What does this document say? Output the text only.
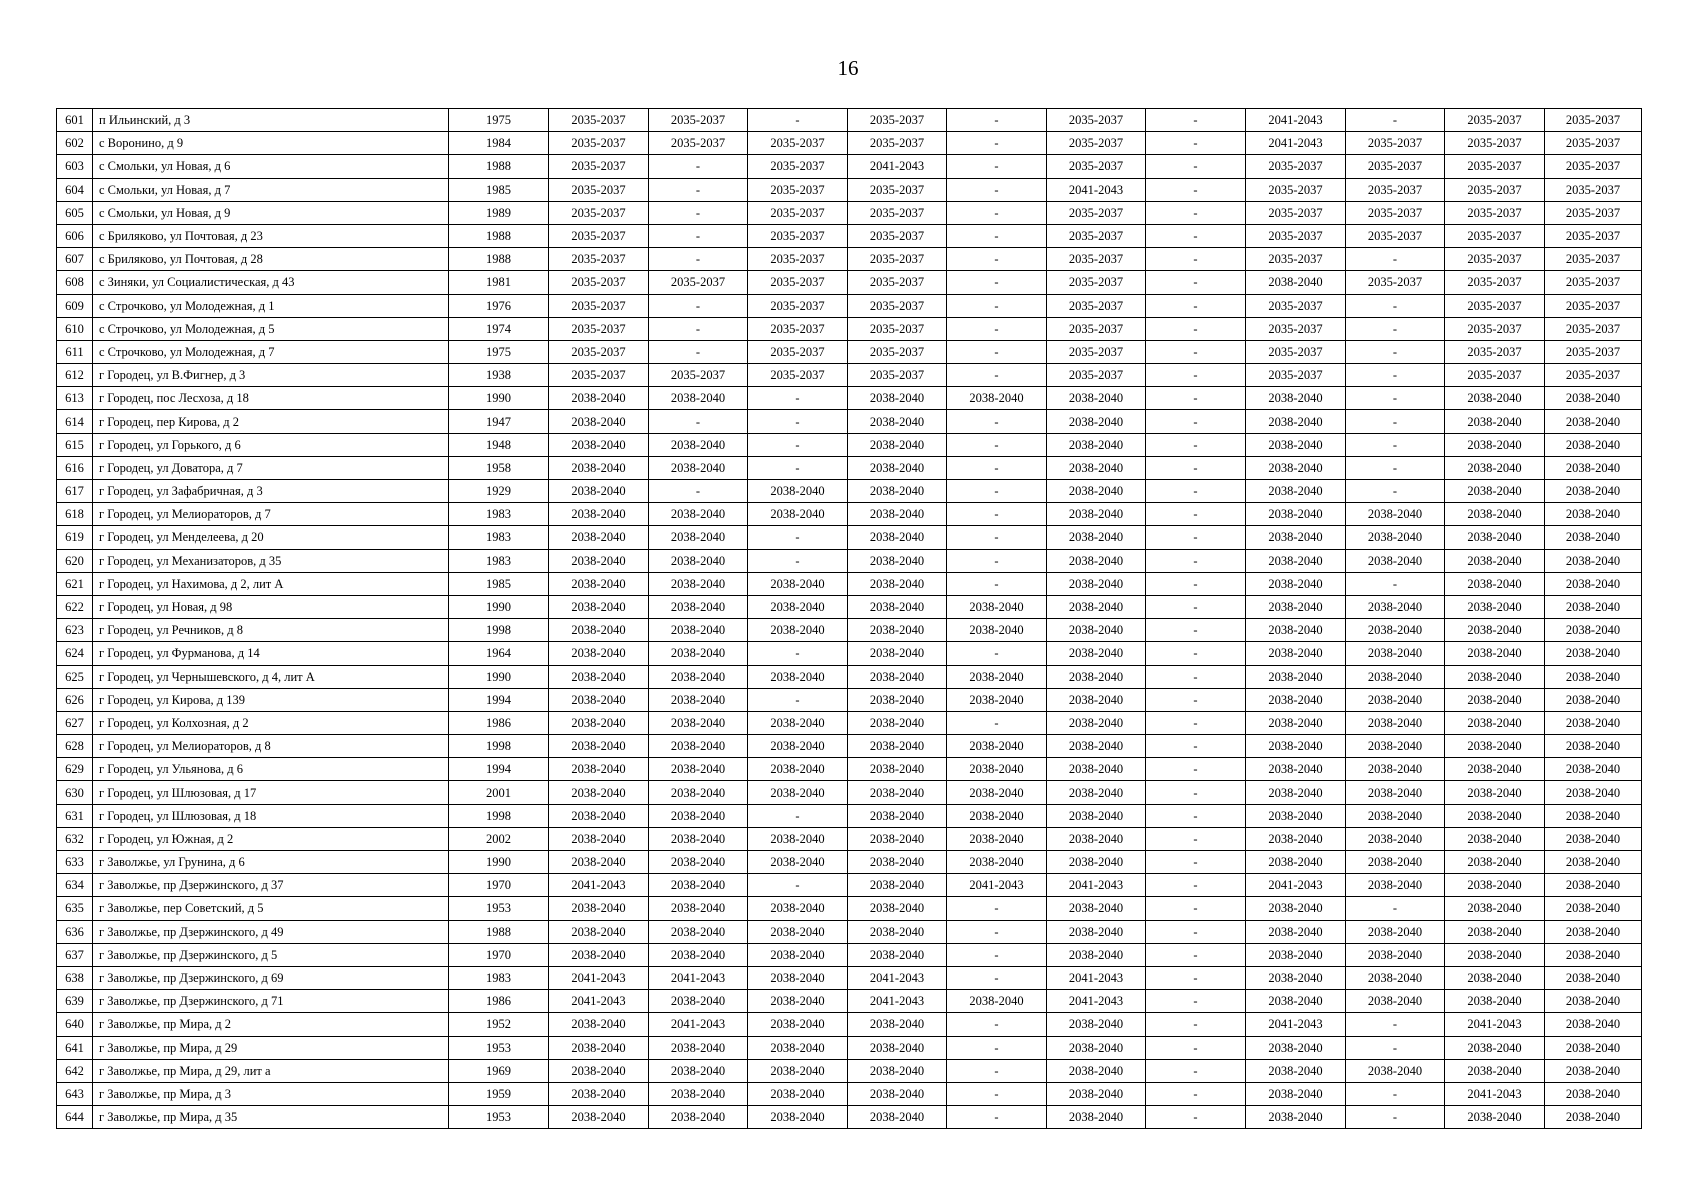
16
601	п Ильинский, д 3	1975	2035-2037	2035-2037	-	2035-2037	-	2035-2037	-	2041-2043	-	2035-2037	2035-2037
602	с Воронино, д 9	1984	2035-2037	2035-2037	2035-2037	2035-2037	-	2035-2037	-	2041-2043	2035-2037	2035-2037	2035-2037
603	с Смольки, ул Новая, д 6	1988	2035-2037	-	2035-2037	2041-2043	-	2035-2037	-	2035-2037	2035-2037	2035-2037	2035-2037
604	с Смольки, ул Новая, д 7	1985	2035-2037	-	2035-2037	2035-2037	-	2041-2043	-	2035-2037	2035-2037	2035-2037	2035-2037
605	с Смольки, ул Новая, д 9	1989	2035-2037	-	2035-2037	2035-2037	-	2035-2037	-	2035-2037	2035-2037	2035-2037	2035-2037
606	с Бриляково, ул Почтовая, д 23	1988	2035-2037	-	2035-2037	2035-2037	-	2035-2037	-	2035-2037	2035-2037	2035-2037	2035-2037
607	с Бриляково, ул Почтовая, д 28	1988	2035-2037	-	2035-2037	2035-2037	-	2035-2037	-	2035-2037	-	2035-2037	2035-2037
608	с Зиняки, ул Социалистическая, д 43	1981	2035-2037	2035-2037	2035-2037	2035-2037	-	2035-2037	-	2038-2040	2035-2037	2035-2037	2035-2037
609	с Строчково, ул Молодежная, д 1	1976	2035-2037	-	2035-2037	2035-2037	-	2035-2037	-	2035-2037	-	2035-2037	2035-2037
610	с Строчково, ул Молодежная, д 5	1974	2035-2037	-	2035-2037	2035-2037	-	2035-2037	-	2035-2037	-	2035-2037	2035-2037
611	с Строчково, ул Молодежная, д 7	1975	2035-2037	-	2035-2037	2035-2037	-	2035-2037	-	2035-2037	-	2035-2037	2035-2037
612	г Городец, ул В.Фигнер, д 3	1938	2035-2037	2035-2037	2035-2037	2035-2037	-	2035-2037	-	2035-2037	-	2035-2037	2035-2037
613	г Городец, пос Лесхоза, д 18	1990	2038-2040	2038-2040	-	2038-2040	2038-2040	2038-2040	-	2038-2040	-	2038-2040	2038-2040
614	г Городец, пер Кирова, д 2	1947	2038-2040	-	-	2038-2040	-	2038-2040	-	2038-2040	-	2038-2040	2038-2040
615	г Городец, ул Горького, д 6	1948	2038-2040	2038-2040	-	2038-2040	-	2038-2040	-	2038-2040	-	2038-2040	2038-2040
616	г Городец, ул Доватора, д 7	1958	2038-2040	2038-2040	-	2038-2040	-	2038-2040	-	2038-2040	-	2038-2040	2038-2040
617	г Городец, ул Зафабричная, д 3	1929	2038-2040	-	2038-2040	2038-2040	-	2038-2040	-	2038-2040	-	2038-2040	2038-2040
618	г Городец, ул Мелиораторов, д 7	1983	2038-2040	2038-2040	2038-2040	2038-2040	-	2038-2040	-	2038-2040	2038-2040	2038-2040	2038-2040
619	г Городец, ул Менделеева, д 20	1983	2038-2040	2038-2040	-	2038-2040	-	2038-2040	-	2038-2040	2038-2040	2038-2040	2038-2040
620	г Городец, ул Механизаторов, д 35	1983	2038-2040	2038-2040	-	2038-2040	-	2038-2040	-	2038-2040	2038-2040	2038-2040	2038-2040
621	г Городец, ул Нахимова, д 2, лит А	1985	2038-2040	2038-2040	2038-2040	2038-2040	-	2038-2040	-	2038-2040	-	2038-2040	2038-2040
622	г Городец, ул Новая, д 98	1990	2038-2040	2038-2040	2038-2040	2038-2040	2038-2040	2038-2040	-	2038-2040	2038-2040	2038-2040	2038-2040
623	г Городец, ул Речников, д 8	1998	2038-2040	2038-2040	2038-2040	2038-2040	2038-2040	2038-2040	-	2038-2040	2038-2040	2038-2040	2038-2040
624	г Городец, ул Фурманова, д 14	1964	2038-2040	2038-2040	-	2038-2040	-	2038-2040	-	2038-2040	2038-2040	2038-2040	2038-2040
625	г Городец, ул Чернышевского, д 4, лит А	1990	2038-2040	2038-2040	2038-2040	2038-2040	2038-2040	2038-2040	-	2038-2040	2038-2040	2038-2040	2038-2040
626	г Городец, ул Кирова, д 139	1994	2038-2040	2038-2040	-	2038-2040	2038-2040	2038-2040	-	2038-2040	2038-2040	2038-2040	2038-2040
627	г Городец, ул Колхозная, д 2	1986	2038-2040	2038-2040	2038-2040	2038-2040	-	2038-2040	-	2038-2040	2038-2040	2038-2040	2038-2040
628	г Городец, ул Мелиораторов, д 8	1998	2038-2040	2038-2040	2038-2040	2038-2040	2038-2040	2038-2040	-	2038-2040	2038-2040	2038-2040	2038-2040
629	г Городец, ул Ульянова, д 6	1994	2038-2040	2038-2040	2038-2040	2038-2040	2038-2040	2038-2040	-	2038-2040	2038-2040	2038-2040	2038-2040
630	г Городец, ул Шлюзовая, д 17	2001	2038-2040	2038-2040	2038-2040	2038-2040	2038-2040	2038-2040	-	2038-2040	2038-2040	2038-2040	2038-2040
631	г Городец, ул Шлюзовая, д 18	1998	2038-2040	2038-2040	-	2038-2040	2038-2040	2038-2040	-	2038-2040	2038-2040	2038-2040	2038-2040
632	г Городец, ул Южная, д 2	2002	2038-2040	2038-2040	2038-2040	2038-2040	2038-2040	2038-2040	-	2038-2040	2038-2040	2038-2040	2038-2040
633	г Заволжье, ул Грунина, д 6	1990	2038-2040	2038-2040	2038-2040	2038-2040	2038-2040	2038-2040	-	2038-2040	2038-2040	2038-2040	2038-2040
634	г Заволжье, пр Дзержинского, д 37	1970	2041-2043	2038-2040	-	2038-2040	2041-2043	2041-2043	-	2041-2043	2038-2040	2038-2040	2038-2040
635	г Заволжье, пер Советский, д 5	1953	2038-2040	2038-2040	2038-2040	2038-2040	-	2038-2040	-	2038-2040	-	2038-2040	2038-2040
636	г Заволжье, пр Дзержинского, д 49	1988	2038-2040	2038-2040	2038-2040	2038-2040	-	2038-2040	-	2038-2040	2038-2040	2038-2040	2038-2040
637	г Заволжье, пр Дзержинского, д 5	1970	2038-2040	2038-2040	2038-2040	2038-2040	-	2038-2040	-	2038-2040	2038-2040	2038-2040	2038-2040
638	г Заволжье, пр Дзержинского, д 69	1983	2041-2043	2041-2043	2038-2040	2041-2043	-	2041-2043	-	2038-2040	2038-2040	2038-2040	2038-2040
639	г Заволжье, пр Дзержинского, д 71	1986	2041-2043	2038-2040	2038-2040	2041-2043	2038-2040	2041-2043	-	2038-2040	2038-2040	2038-2040	2038-2040
640	г Заволжье, пр Мира, д 2	1952	2038-2040	2041-2043	2038-2040	2038-2040	-	2038-2040	-	2041-2043	-	2041-2043	2038-2040
641	г Заволжье, пр Мира, д 29	1953	2038-2040	2038-2040	2038-2040	2038-2040	-	2038-2040	-	2038-2040	-	2038-2040	2038-2040
642	г Заволжье, пр Мира, д 29, лит а	1969	2038-2040	2038-2040	2038-2040	2038-2040	-	2038-2040	-	2038-2040	2038-2040	2038-2040	2038-2040
643	г Заволжье, пр Мира, д 3	1959	2038-2040	2038-2040	2038-2040	2038-2040	-	2038-2040	-	2038-2040	-	2041-2043	2038-2040
644	г Заволжье, пр Мира, д 35	1953	2038-2040	2038-2040	2038-2040	2038-2040	-	2038-2040	-	2038-2040	-	2038-2040	2038-2040
